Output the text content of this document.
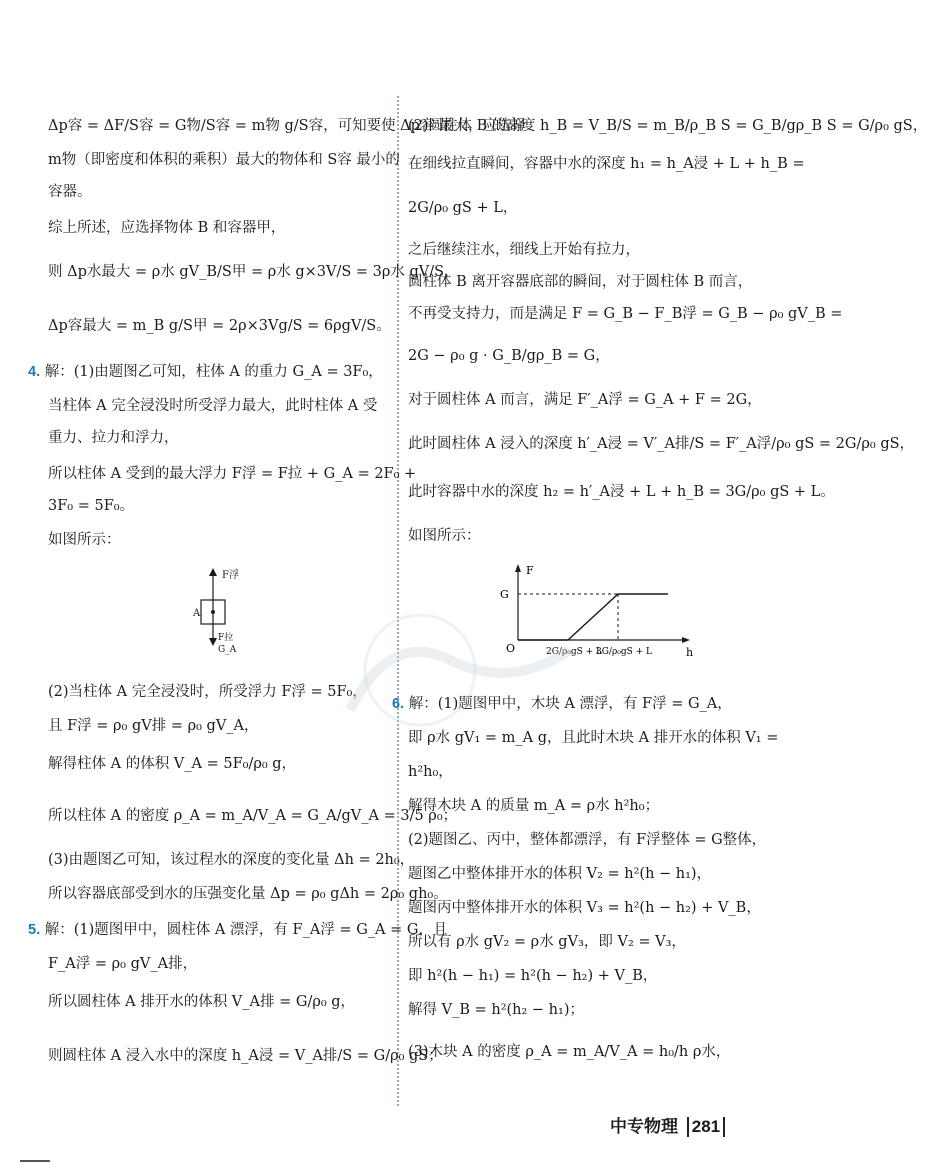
Δp容 = ΔF/S容 = G物/S容 = m物 g/S容，可知要使 Δp容 最大，应选择
m物（即密度和体积的乘积）最大的物体和 S容 最小的
容器。
综上所述，应选择物体 B 和容器甲，
则 Δp水最大 = ρ水 gV_B/S甲 = ρ水 g×3V/S = 3ρ水 gV/S，
Δp容最大 = m_B g/S甲 = 2ρ×3Vg/S = 6ρgV/S。
4. 解：(1)由题图乙可知，柱体 A 的重力 G_A = 3F₀，
当柱体 A 完全浸没时所受浮力最大，此时柱体 A 受
重力、拉力和浮力，
所以柱体 A 受到的最大浮力 F浮 = F拉 + G_A = 2F₀ +
3F₀ = 5F₀。
如图所示：
F浮
A
F拉
G_A
(2)当柱体 A 完全浸没时，所受浮力 F浮 = 5F₀，
且 F浮 = ρ₀ gV排 = ρ₀ gV_A，
解得柱体 A 的体积 V_A = 5F₀/ρ₀ g，
所以柱体 A 的密度 ρ_A = m_A/V_A = G_A/gV_A = 3/5 ρ₀；
(3)由题图乙可知，该过程水的深度的变化量 Δh = 2h₀，
所以容器底部受到水的压强变化量 Δp = ρ₀ gΔh = 2ρ₀ gh₀。
5. 解：(1)题图甲中，圆柱体 A 漂浮，有 F_A浮 = G_A = G，且
F_A浮 = ρ₀ gV_A排，
所以圆柱体 A 排开水的体积 V_A排 = G/ρ₀ g，
则圆柱体 A 浸入水中的深度 h_A浸 = V_A排/S = G/ρ₀ gS；
(2)圆柱体 B 的高度 h_B = V_B/S = m_B/ρ_B S = G_B/gρ_B S = G/ρ₀ gS，
在细线拉直瞬间，容器中水的深度 h₁ = h_A浸 + L + h_B =
2G/ρ₀ gS + L，
之后继续注水，细线上开始有拉力，
圆柱体 B 离开容器底部的瞬间，对于圆柱体 B 而言，
不再受支持力，而是满足 F = G_B − F_B浮 = G_B − ρ₀ gV_B =
2G − ρ₀ g · G_B/gρ_B = G，
对于圆柱体 A 而言，满足 F′_A浮 = G_A + F = 2G，
此时圆柱体 A 浸入的深度 h′_A浸 = V′_A排/S = F′_A浮/ρ₀ gS = 2G/ρ₀ gS，
此时容器中水的深度 h₂ = h′_A浸 + L + h_B = 3G/ρ₀ gS + L。
如图所示：
F
h
O
G
2G/ρ₀gS + L
3G/ρ₀gS + L
6. 解：(1)题图甲中，木块 A 漂浮，有 F浮 = G_A，
即 ρ水 gV₁ = m_A g，且此时木块 A 排开水的体积 V₁ =
h²h₀，
解得木块 A 的质量 m_A = ρ水 h²h₀；
(2)题图乙、丙中，整体都漂浮，有 F浮整体 = G整体，
题图乙中整体排开水的体积 V₂ = h²(h − h₁)，
题图丙中整体排开水的体积 V₃ = h²(h − h₂) + V_B，
所以有 ρ水 gV₂ = ρ水 gV₃，即 V₂ = V₃，
即 h²(h − h₁) = h²(h − h₂) + V_B，
解得 V_B = h²(h₂ − h₁)；
(3)木块 A 的密度 ρ_A = m_A/V_A = h₀/h ρ水，
中专物理 281
